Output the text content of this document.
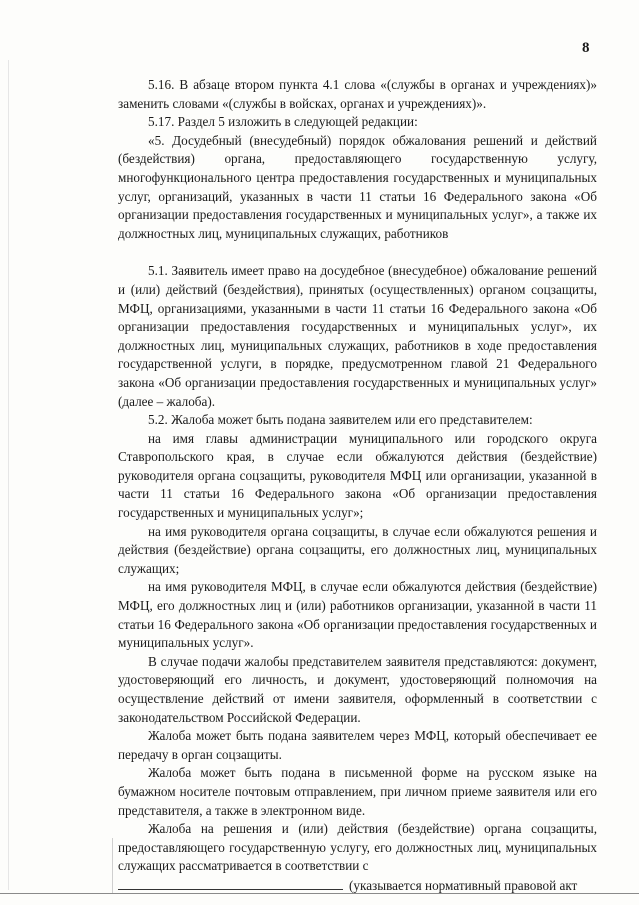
8

5.16. В абзаце втором пункта 4.1 слова «(службы в органах и учреждениях)» заменить словами «(службы в войсках, органах и учреждениях)».

5.17. Раздел 5 изложить в следующей редакции:

«5. Досудебный (внесудебный) порядок обжалования решений и действий (бездействия) органа, предоставляющего государственную услугу, многофункционального центра предоставления государственных и муниципальных услуг, организаций, указанных в части 11 статьи 16 Федерального закона «Об организации предоставления государственных и муниципальных услуг», а также их должностных лиц, муниципальных служащих, работников

5.1. Заявитель имеет право на досудебное (внесудебное) обжалование решений и (или) действий (бездействия), принятых (осуществленных) органом соцзащиты, МФЦ, организациями, указанными в части 11 статьи 16 Федерального закона «Об организации предоставления государственных и муниципальных услуг», их должностных лиц, муниципальных служащих, работников в ходе предоставления государственной услуги, в порядке, предусмотренном главой 21 Федерального закона «Об организации предоставления государственных и муниципальных услуг» (далее – жалоба).

5.2. Жалоба может быть подана заявителем или его представителем:

на имя главы администрации муниципального или городского округа Ставропольского края, в случае если обжалуются действия (бездействие) руководителя органа соцзащиты, руководителя МФЦ или организации, указанной в части 11 статьи 16 Федерального закона «Об организации предоставления государственных и муниципальных услуг»;

на имя руководителя органа соцзащиты, в случае если обжалуются решения и действия (бездействие) органа соцзащиты, его должностных лиц, муниципальных служащих;

на имя руководителя МФЦ, в случае если обжалуются действия (бездействие) МФЦ, его должностных лиц и (или) работников организации, указанной в части 11 статьи 16 Федерального закона «Об организации предоставления государственных и муниципальных услуг».

В случае подачи жалобы представителем заявителя представляются: документ, удостоверяющий его личность, и документ, удостоверяющий полномочия на осуществление действий от имени заявителя, оформленный в соответствии с законодательством Российской Федерации.

Жалоба может быть подана заявителем через МФЦ, который обеспечивает ее передачу в орган соцзащиты.

Жалоба может быть подана в письменной форме на русском языке на бумажном носителе почтовым отправлением, при личном приеме заявителя или его представителя, а также в электронном виде.

Жалоба на решения и (или) действия (бездействие) органа соцзащиты, предоставляющего государственную услугу, его должностных лиц, муниципальных служащих рассматривается в соответствии с

(указывается нормативный правовой акт
